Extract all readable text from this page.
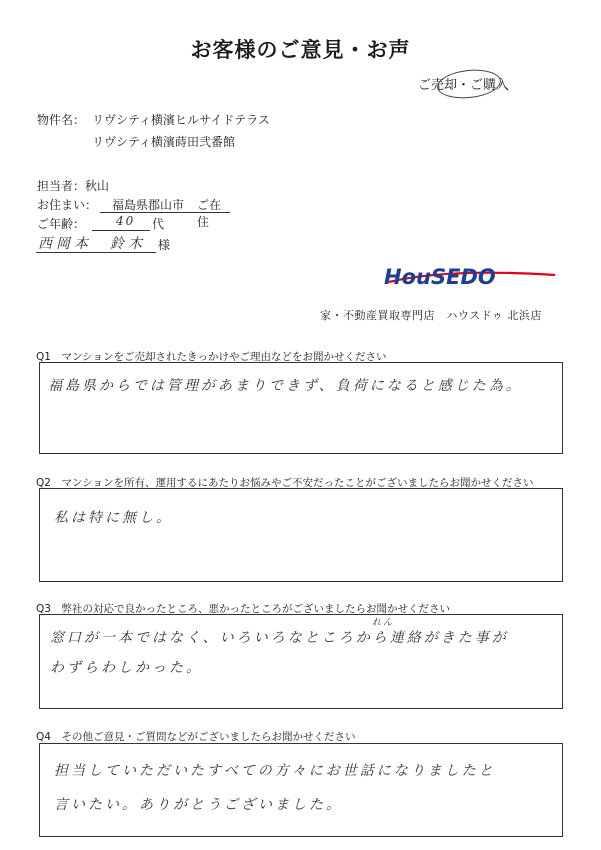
お客様のご意見・お声
ご売却・ご購入
物件名： リヴシティ横濱ヒルサイドテラス
リヴシティ横濱蒔田弐番館
担当者： 秋山
お住まい： 福島県郡山市 ご在住
ご年齢：	40 代
西岡本　鈴木 様
HouSEDO
家・不動産買取専門店　ハウスドゥ 北浜店
Q1　マンションをご売却されたきっかけやご理由などをお聞かせください
福島県からでは管理があまりできず、負荷になると感じた為。
Q2　マンションを所有、運用するにあたりお悩みやご不安だったことがございましたらお聞かせください
私は特に無し。
Q3　弊社の対応で良かったところ、悪かったところがございましたらお聞かせください
れん
窓口が一本ではなく、いろいろなところから連絡がきた事が
わずらわしかった。
Q4　その他ご意見・ご質問などがございましたらお聞かせください
担当していただいたすべての方々にお世話になりましたと
言いたい。ありがとうございました。
